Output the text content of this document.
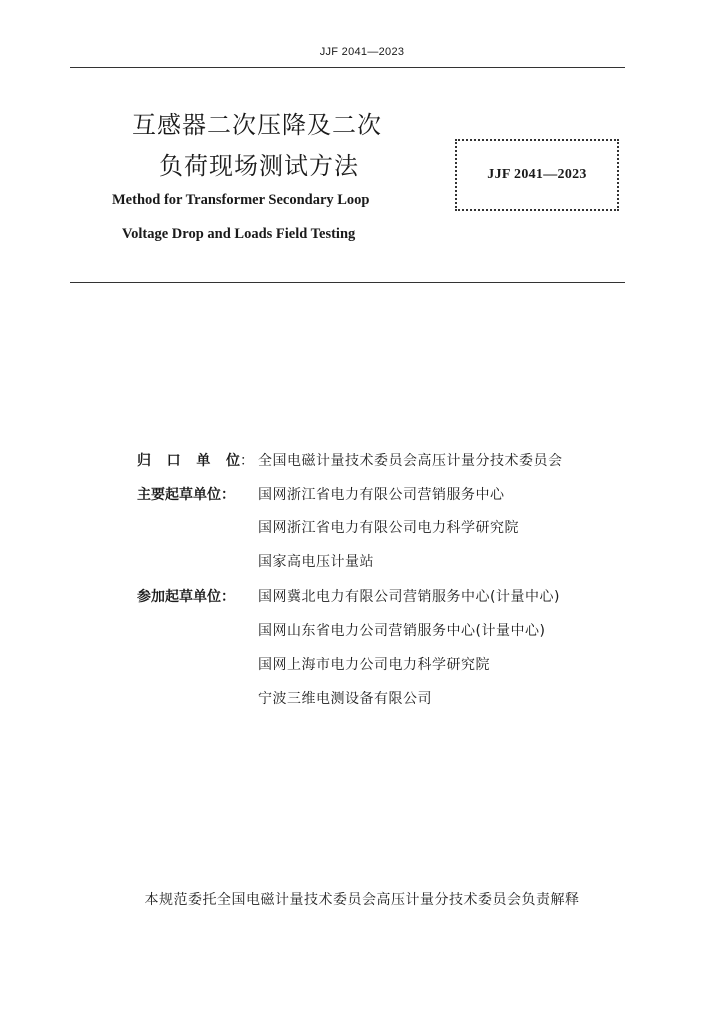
JJF 2041—2023
互感器二次压降及二次
负荷现场测试方法
Method for Transformer Secondary Loop
Voltage Drop and Loads Field Testing
JJF 2041—2023
归 口 单 位 ： 全国电磁计量技术委员会高压计量分技术委员会
主要起草单位： 国网浙江省电力有限公司营销服务中心
国网浙江省电力有限公司电力科学研究院
国家高电压计量站
参加起草单位： 国网冀北电力有限公司营销服务中心(计量中心)
国网山东省电力公司营销服务中心(计量中心)
国网上海市电力公司电力科学研究院
宁波三维电测设备有限公司
本规范委托全国电磁计量技术委员会高压计量分技术委员会负责解释
